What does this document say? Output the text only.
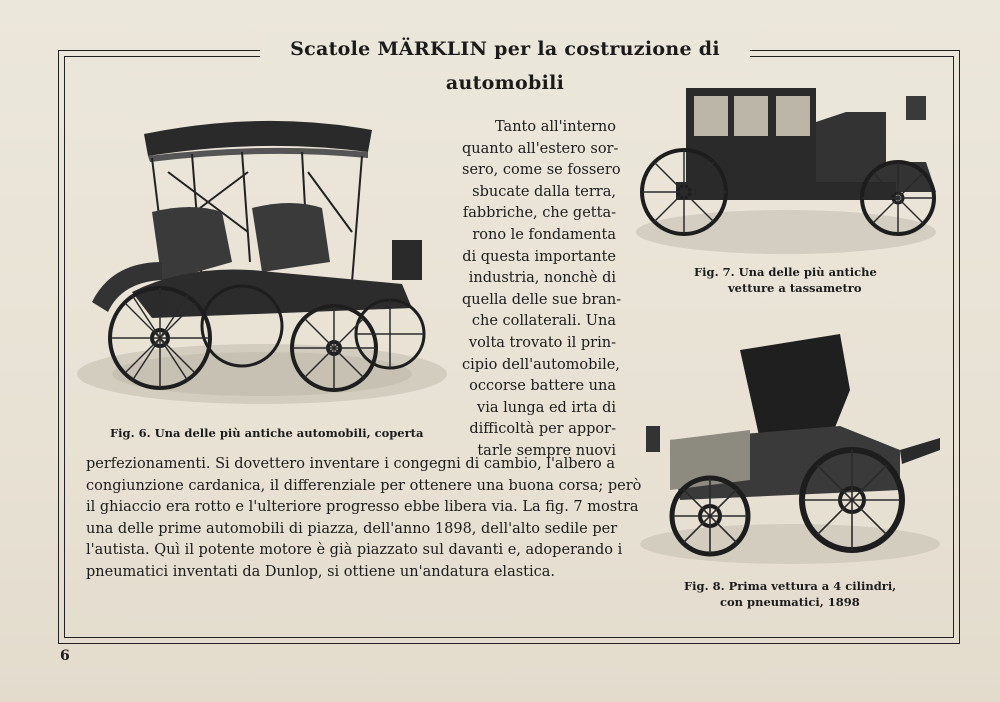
Scatole MÄRKLIN per la costruzione di automobili
Fig. 6. Una delle più antiche automobili, coperta
Tanto all'interno
quanto all'estero sor-
sero, come se fossero
sbucate dalla terra,
fabbriche, che getta-
rono le fondamenta
di questa importante
industria, nonchè di
quella delle sue bran-
che collaterali. Una
volta trovato il prin-
cipio dell'automobile,
occorse battere una
via lunga ed irta di
difficoltà per appor-
tarle sempre nuovi
perfezionamenti. Si dovettero inventare i congegni di cambio, l'albero a
congiunzione cardanica, il differenziale per ottenere una buona corsa; però
il ghiaccio era rotto e l'ulteriore progresso ebbe libera via. La fig. 7 mostra
una delle prime automobili di piazza, dell'anno 1898, dell'alto sedile per
l'autista. Quì il potente motore è già piazzato sul davanti e, adoperando i
pneumatici inventati da Dunlop, si ottiene un'andatura elastica.
Fig. 7. Una delle più antiche
vetture a tassametro
Fig. 8. Prima vettura a 4 cilindri,
con pneumatici, 1898
6
